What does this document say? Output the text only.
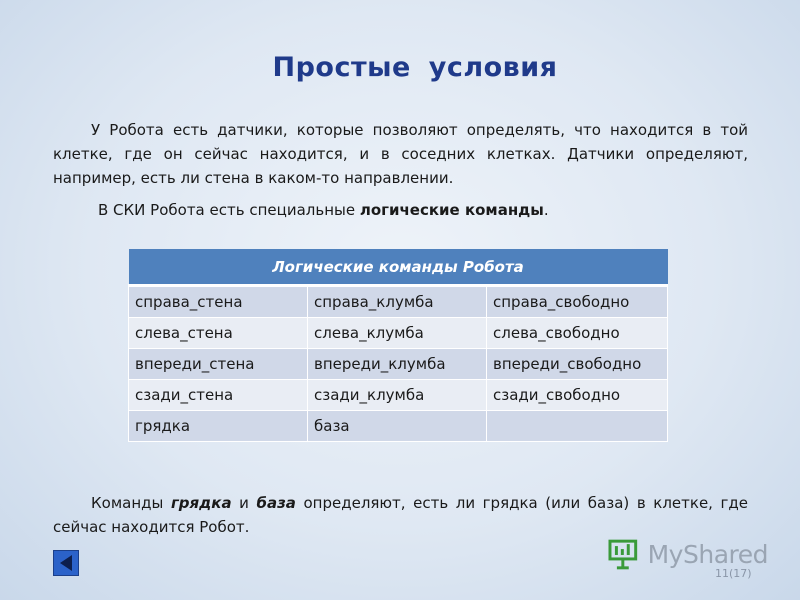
Простые условия
У Робота есть датчики, которые позволяют определять, что находится в той клетке, где он сейчас находится, и в соседних клетках. Датчики определяют, например, есть ли стена в каком-то направлении.
В СКИ Робота есть специальные логические команды.
Логические команды Робота		
справа_стена	справа_клумба	справа_свободно
слева_стена	слева_клумба	слева_свободно
впереди_стена	впереди_клумба	впереди_свободно
сзади_стена	сзади_клумба	сзади_свободно
грядка	база	
Команды грядка и база определяют, есть ли грядка (или база) в клетке, где сейчас находится Робот.
MyShared
11(17)
